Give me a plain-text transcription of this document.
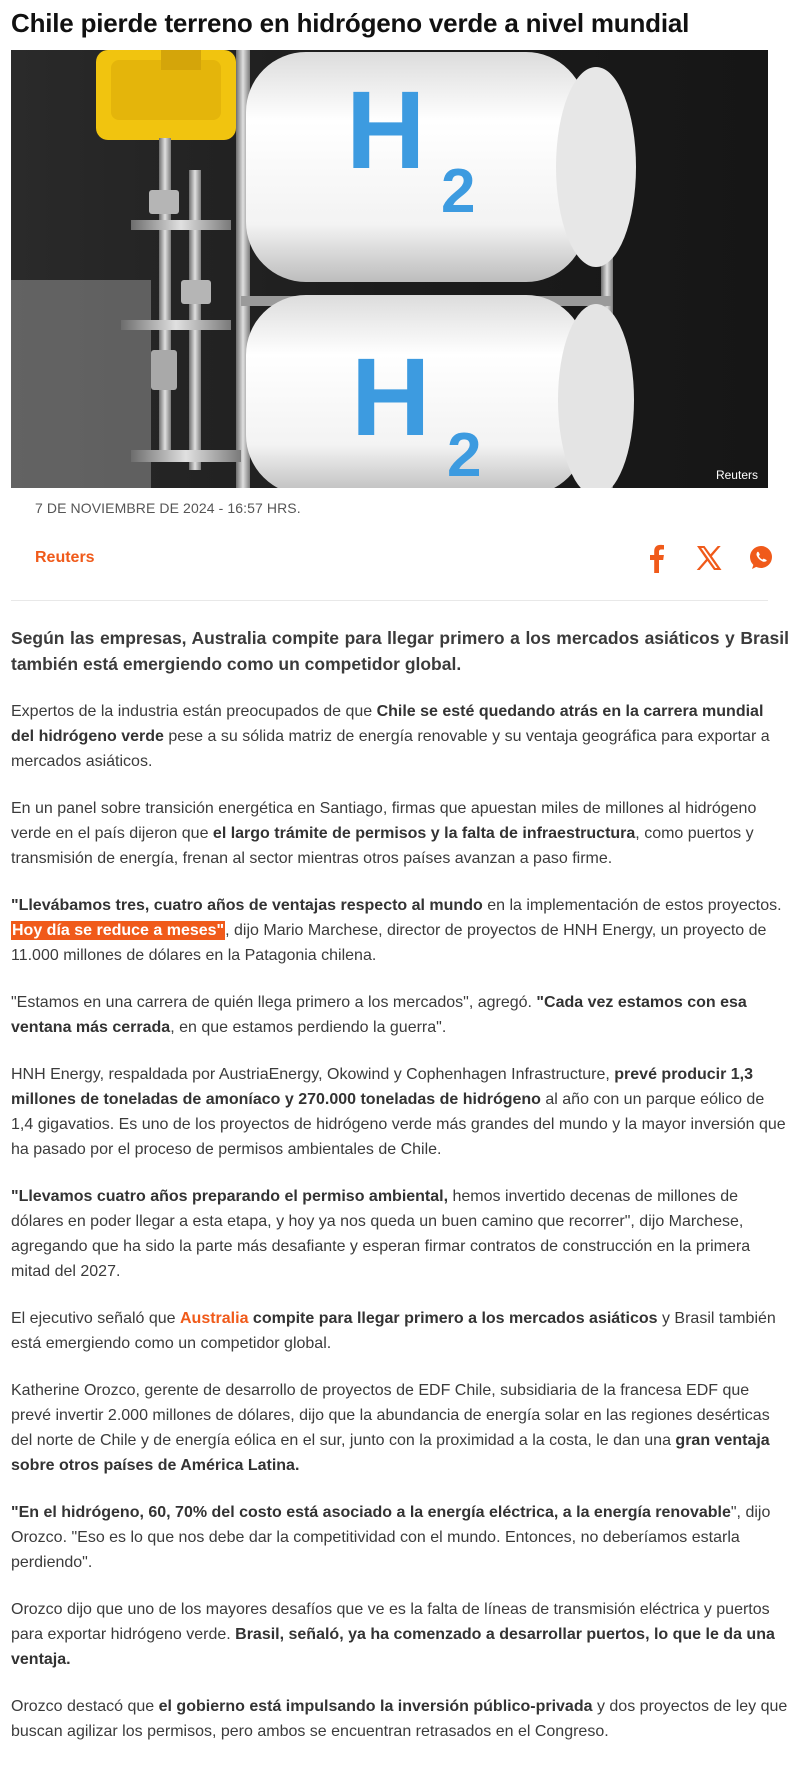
Chile pierde terreno en hidrógeno verde a nivel mundial
H 2
H 2	Reuters
7 DE NOVIEMBRE DE 2024 - 16:57 HRS.
Reuters

Según las empresas, Australia compite para llegar primero a los mercados asiáticos y Brasil también está emergiendo como un competidor global.

Expertos de la industria están preocupados de que Chile se esté quedando atrás en la carrera mundial del hidrógeno verde pese a su sólida matriz de energía renovable y su ventaja geográfica para exportar a mercados asiáticos.

En un panel sobre transición energética en Santiago, firmas que apuestan miles de millones al hidrógeno verde en el país dijeron que el largo trámite de permisos y la falta de infraestructura, como puertos y transmisión de energía, frenan al sector mientras otros países avanzan a paso firme.

"Llevábamos tres, cuatro años de ventajas respecto al mundo en la implementación de estos proyectos. Hoy día se reduce a meses", dijo Mario Marchese, director de proyectos de HNH Energy, un proyecto de 11.000 millones de dólares en la Patagonia chilena.

"Estamos en una carrera de quién llega primero a los mercados", agregó. "Cada vez estamos con esa ventana más cerrada, en que estamos perdiendo la guerra".

HNH Energy, respaldada por AustriaEnergy, Okowind y Cophenhagen Infrastructure, prevé producir 1,3 millones de toneladas de amoníaco y 270.000 toneladas de hidrógeno al año con un parque eólico de 1,4 gigavatios. Es uno de los proyectos de hidrógeno verde más grandes del mundo y la mayor inversión que ha pasado por el proceso de permisos ambientales de Chile.

"Llevamos cuatro años preparando el permiso ambiental, hemos invertido decenas de millones de dólares en poder llegar a esta etapa, y hoy ya nos queda un buen camino que recorrer", dijo Marchese, agregando que ha sido la parte más desafiante y esperan firmar contratos de construcción en la primera mitad del 2027.

El ejecutivo señaló que Australia compite para llegar primero a los mercados asiáticos y Brasil también está emergiendo como un competidor global.

Katherine Orozco, gerente de desarrollo de proyectos de EDF Chile, subsidiaria de la francesa EDF que prevé invertir 2.000 millones de dólares, dijo que la abundancia de energía solar en las regiones desérticas del norte de Chile y de energía eólica en el sur, junto con la proximidad a la costa, le dan una gran ventaja sobre otros países de América Latina.

"En el hidrógeno, 60, 70% del costo está asociado a la energía eléctrica, a la energía renovable", dijo Orozco. "Eso es lo que nos debe dar la competitividad con el mundo. Entonces, no deberíamos estarla perdiendo".

Orozco dijo que uno de los mayores desafíos que ve es la falta de líneas de transmisión eléctrica y puertos para exportar hidrógeno verde. Brasil, señaló, ya ha comenzado a desarrollar puertos, lo que le da una ventaja.

Orozco destacó que el gobierno está impulsando la inversión público-privada y dos proyectos de ley que buscan agilizar los permisos, pero ambos se encuentran retrasados en el Congreso.
